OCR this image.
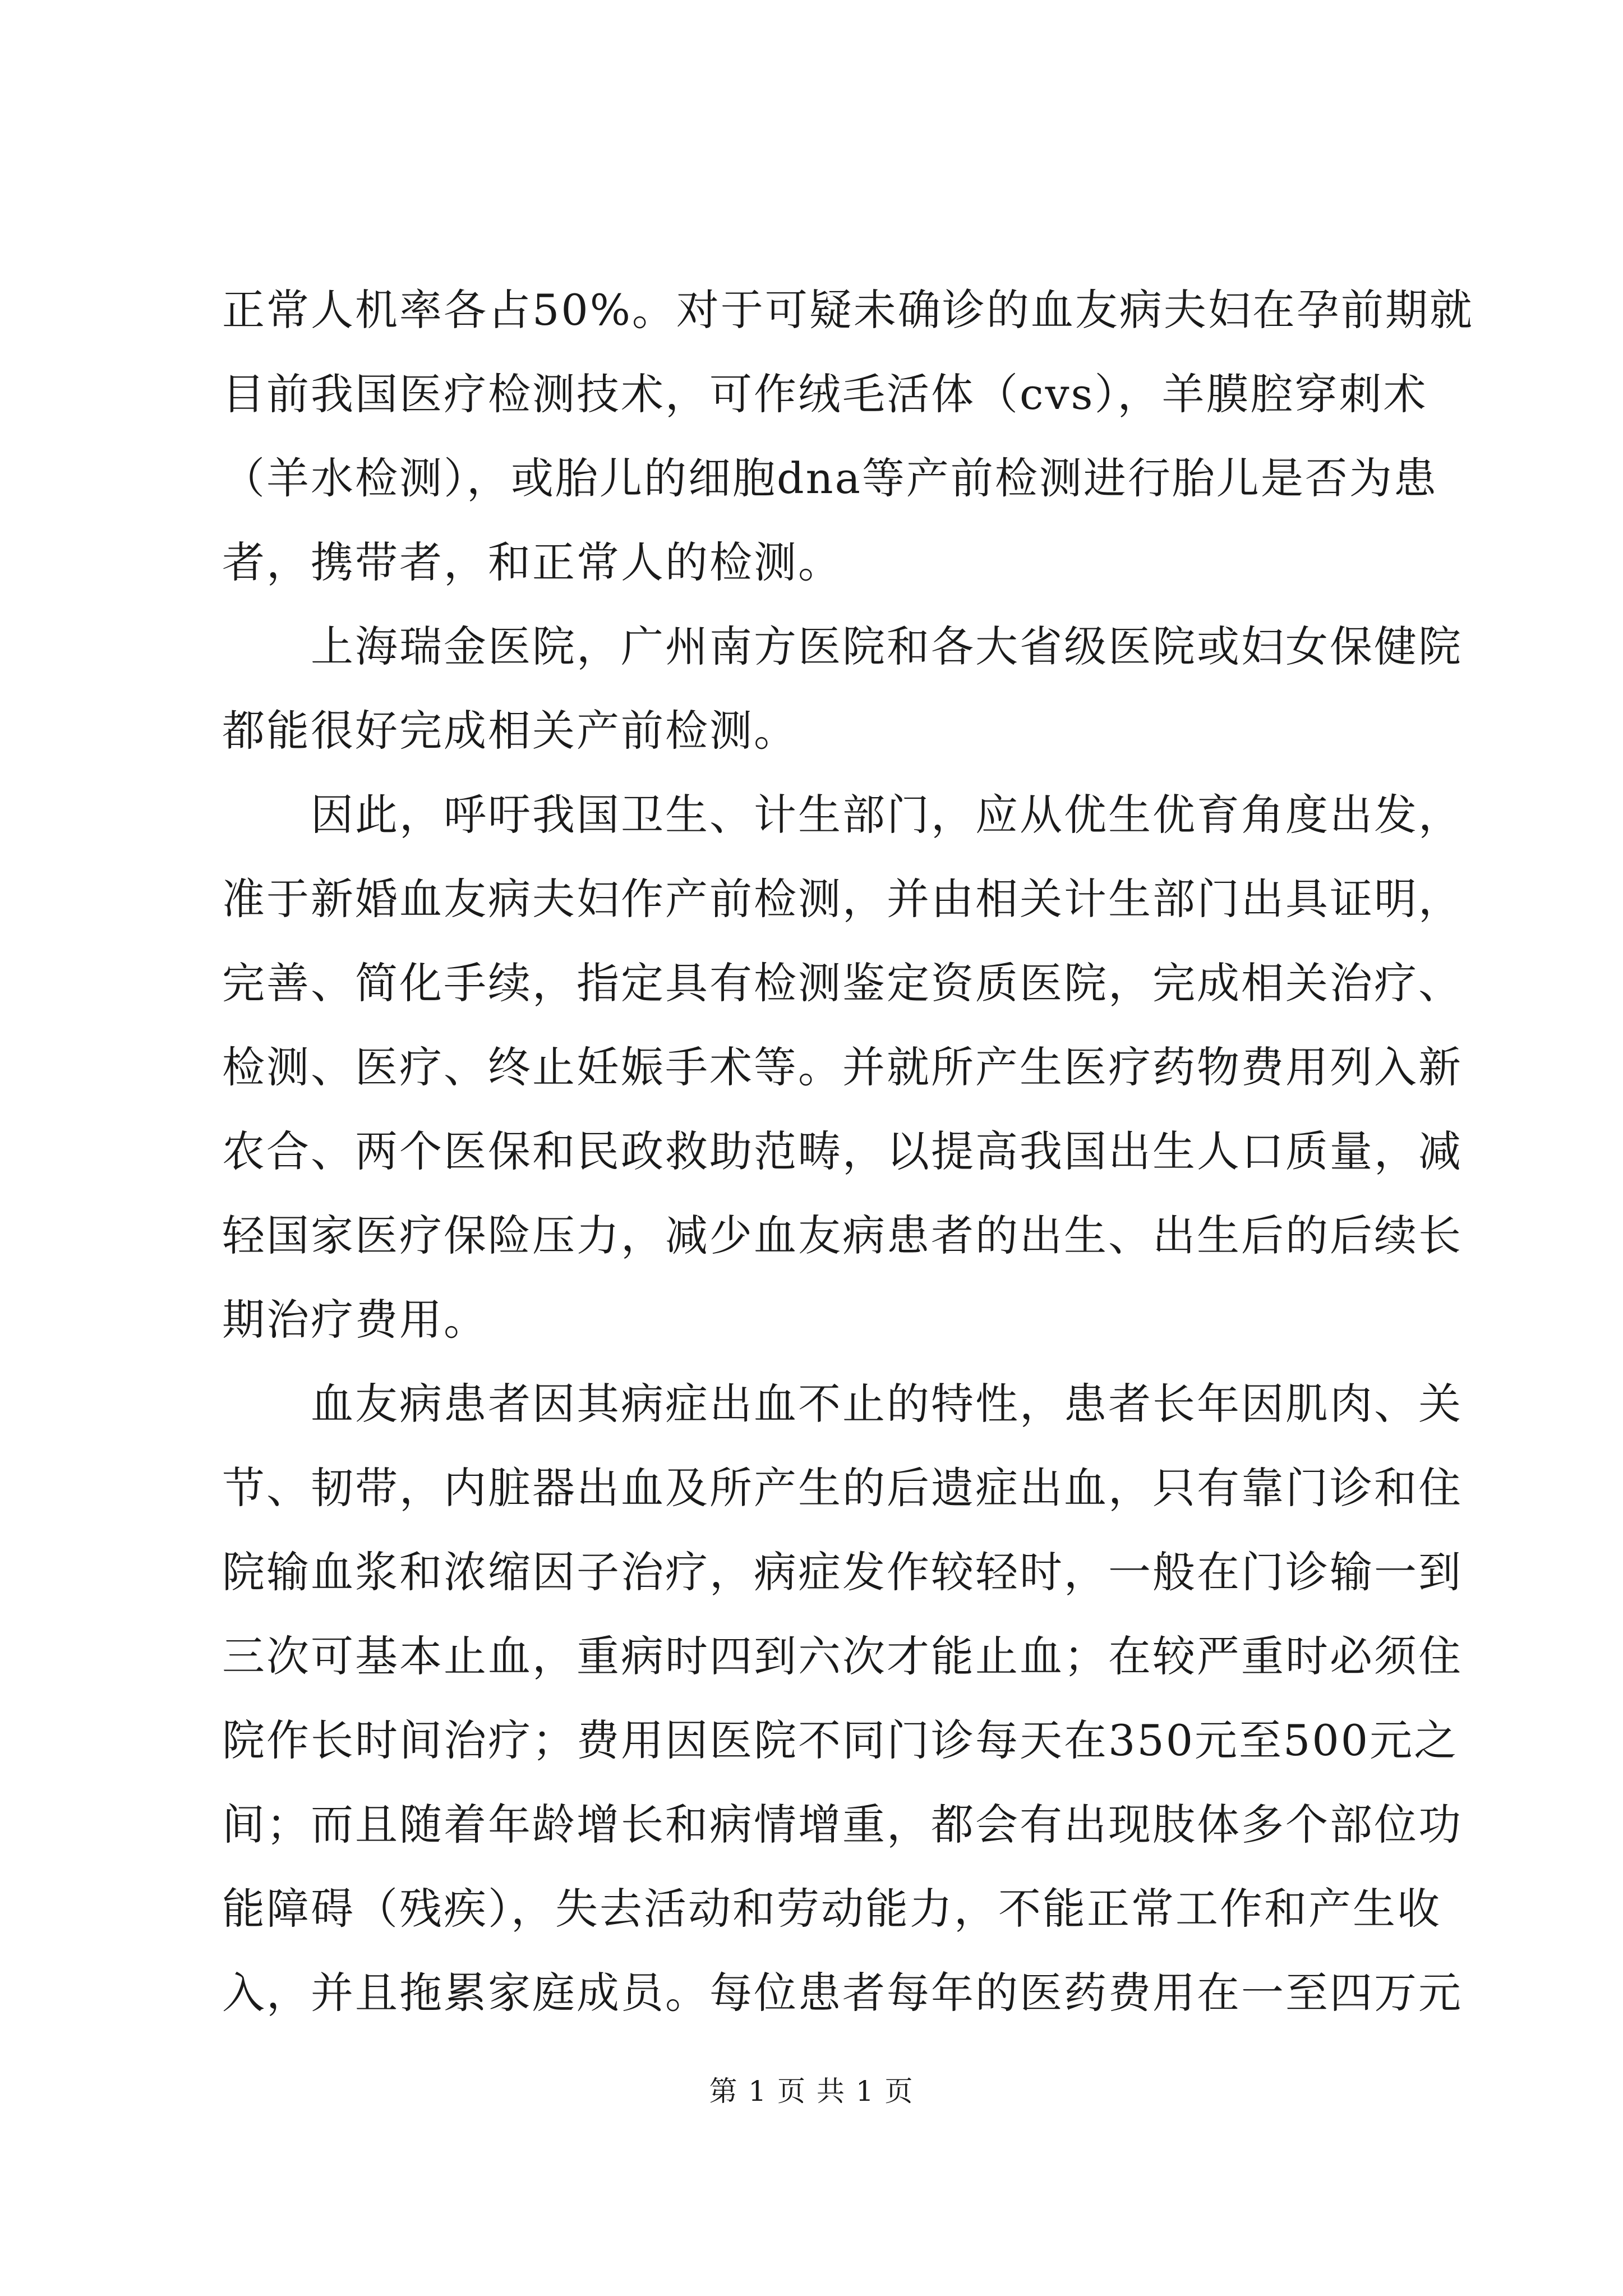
正常人机率各占50%。对于可疑未确诊的血友病夫妇在孕前期就
目前我国医疗检测技术，可作绒毛活体（cvs），羊膜腔穿刺术
（羊水检测），或胎儿的细胞dna等产前检测进行胎儿是否为患
者，携带者，和正常人的检测。
　　上海瑞金医院，广州南方医院和各大省级医院或妇女保健院
都能很好完成相关产前检测。
　　因此，呼吁我国卫生、计生部门，应从优生优育角度出发，
准于新婚血友病夫妇作产前检测，并由相关计生部门出具证明，
完善、简化手续，指定具有检测鉴定资质医院，完成相关治疗、
检测、医疗、终止妊娠手术等。并就所产生医疗药物费用列入新
农合、两个医保和民政救助范畴，以提高我国出生人口质量，减
轻国家医疗保险压力，减少血友病患者的出生、出生后的后续长
期治疗费用。
　　血友病患者因其病症出血不止的特性，患者长年因肌肉、关
节、韧带，内脏器出血及所产生的后遗症出血，只有靠门诊和住
院输血浆和浓缩因子治疗，病症发作较轻时，一般在门诊输一到
三次可基本止血，重病时四到六次才能止血；在较严重时必须住
院作长时间治疗；费用因医院不同门诊每天在350元至500元之
间；而且随着年龄增长和病情增重，都会有出现肢体多个部位功
能障碍（残疾），失去活动和劳动能力，不能正常工作和产生收
入，并且拖累家庭成员。每位患者每年的医药费用在一至四万元
第 1 页 共 1 页
